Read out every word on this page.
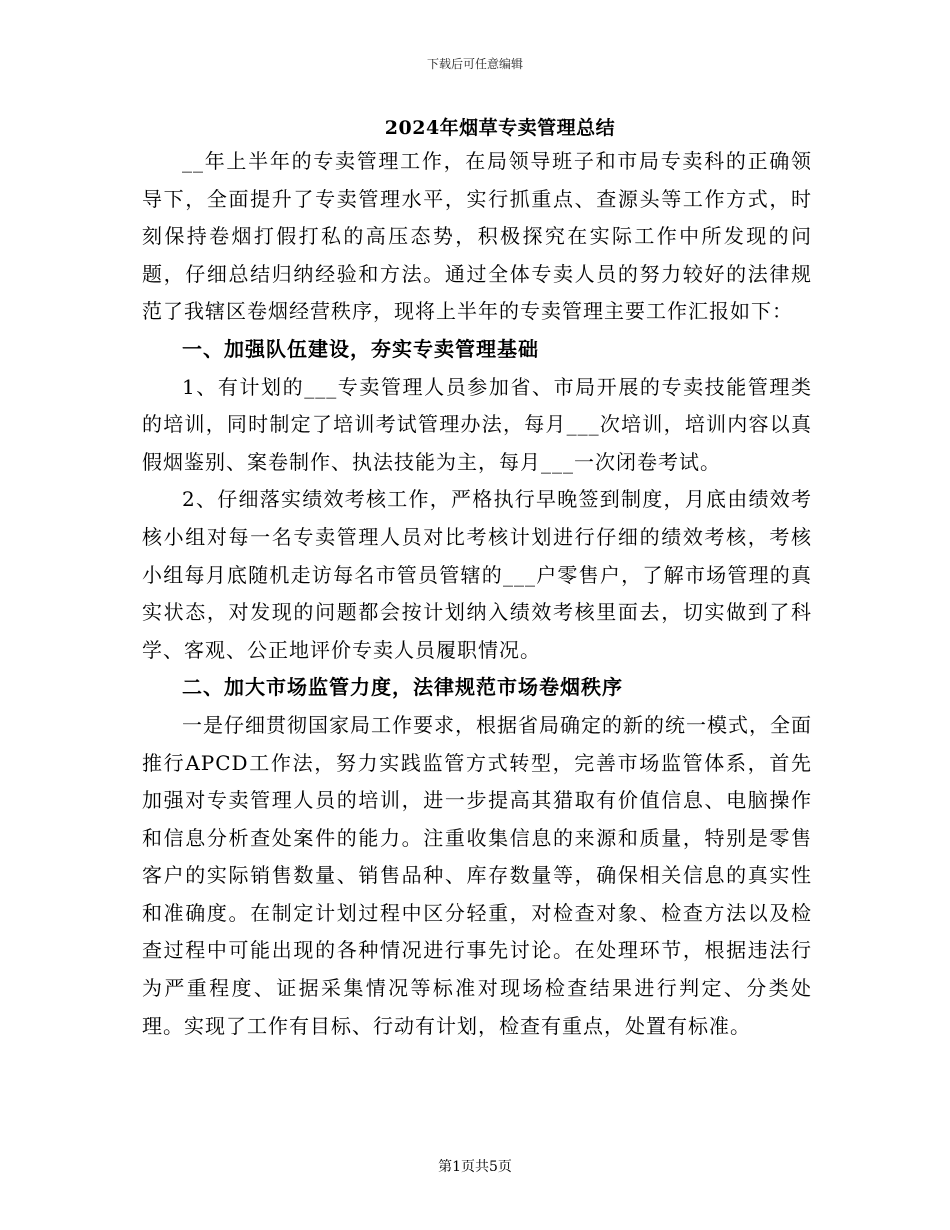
下载后可任意编辑
2024年烟草专卖管理总结

__年上半年的专卖管理工作，在局领导班子和市局专卖科的正确领导下，全面提升了专卖管理水平，实行抓重点、查源头等工作方式，时刻保持卷烟打假打私的高压态势，积极探究在实际工作中所发现的问题，仔细总结归纳经验和方法。通过全体专卖人员的努力较好的法律规范了我辖区卷烟经营秩序，现将上半年的专卖管理主要工作汇报如下：

一、加强队伍建设，夯实专卖管理基础

1、有计划的___专卖管理人员参加省、市局开展的专卖技能管理类的培训，同时制定了培训考试管理办法，每月___次培训，培训内容以真假烟鉴别、案卷制作、执法技能为主，每月___一次闭卷考试。

2、仔细落实绩效考核工作，严格执行早晚签到制度，月底由绩效考核小组对每一名专卖管理人员对比考核计划进行仔细的绩效考核，考核小组每月底随机走访每名市管员管辖的___户零售户，了解市场管理的真实状态，对发现的问题都会按计划纳入绩效考核里面去，切实做到了科学、客观、公正地评价专卖人员履职情况。

二、加大市场监管力度，法律规范市场卷烟秩序

一是仔细贯彻国家局工作要求，根据省局确定的新的统一模式，全面推行APCD工作法，努力实践监管方式转型，完善市场监管体系，首先加强对专卖管理人员的培训，进一步提高其猎取有价值信息、电脑操作和信息分析查处案件的能力。注重收集信息的来源和质量，特别是零售客户的实际销售数量、销售品种、库存数量等，确保相关信息的真实性和准确度。在制定计划过程中区分轻重，对检查对象、检查方法以及检查过程中可能出现的各种情况进行事先讨论。在处理环节，根据违法行为严重程度、证据采集情况等标准对现场检查结果进行判定、分类处理。实现了工作有目标、行动有计划，检查有重点，处置有标准。

第1页共5页
